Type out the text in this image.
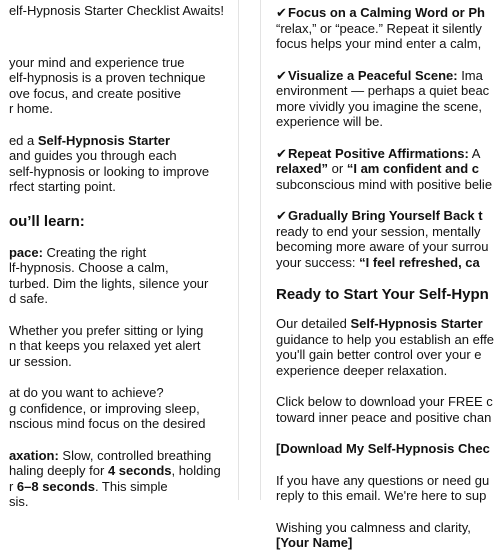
elf-Hypnosis Starter Checklist Awaits!

your mind and experience true

elf-hypnosis is a proven technique

ove focus, and create positive

r home.

ed a Self-Hypnosis Starter

and guides you through each

self-hypnosis or looking to improve

rfect starting point.

ou’ll learn:

pace: Creating the right

lf-hypnosis. Choose a calm,

turbed. Dim the lights, silence your

d safe.

Whether you prefer sitting or lying

n that keeps you relaxed yet alert

ur session.

at do you want to achieve?

g confidence, or improving sleep,

nscious mind focus on the desired

axation: Slow, controlled breathing

haling deeply for 4 seconds, holding

r 6–8 seconds. This simple

sis.

✔Focus on a Calming Word or Ph

“relax,” or “peace.” Repeat it silently

focus helps your mind enter a calm,

✔Visualize a Peaceful Scene: Ima

environment — perhaps a quiet beac

more vividly you imagine the scene,

experience will be.

✔Repeat Positive Affirmations: A

relaxed” or “I am confident and c

subconscious mind with positive belie

✔Gradually Bring Yourself Back t

ready to end your session, mentally

becoming more aware of your surrou

your success: “I feel refreshed, ca

Ready to Start Your Self-Hypn

Our detailed Self-Hypnosis Starter

guidance to help you establish an effe

you'll gain better control over your e

experience deeper relaxation.

Click below to download your FREE c

toward inner peace and positive chan

[Download My Self-Hypnosis Chec

If you have any questions or need gu

reply to this email. We're here to sup

Wishing you calmness and clarity,

[Your Name]
